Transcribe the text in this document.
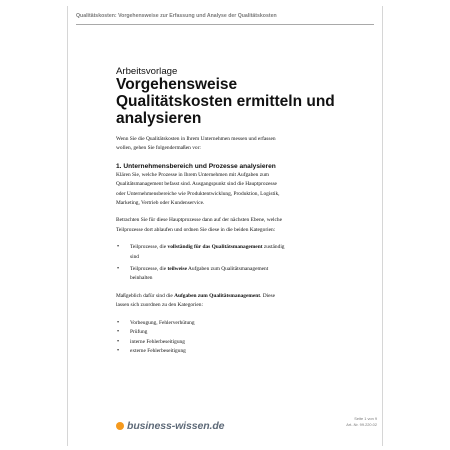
Qualitätskosten: Vorgehensweise zur Erfassung und Analyse der Qualitätskosten
Arbeitsvorlage
Vorgehensweise
Qualitätskosten ermitteln und
analysieren

Wenn Sie die Qualitätskosten in Ihrem Unternehmen messen und erfassen

wollen, gehen Sie folgendermaßen vor:

1. Unternehmensbereich und Prozesse analysieren

Klären Sie, welche Prozesse in Ihrem Unternehmen mit Aufgaben zum

Qualitätsmanagement befasst sind. Ausgangspunkt sind die Hauptprozesse

oder Unternehmensbereiche wie Produktentwicklung, Produktion, Logistik,

Marketing, Vertrieb oder Kundenservice.

Betrachten Sie für diese Hauptprozesse dann auf der nächsten Ebene, welche

Teilprozesse dort ablaufen und ordnen Sie diese in die beiden Kategorien:

• Teilprozesse, die vollständig für das Qualitätsmanagement zuständig

sind

• Teilprozesse, die teilweise Aufgaben zum Qualitätsmanagement

beinhalten

Maßgeblich dafür sind die Aufgaben zum Qualitätsmanagement. Diese

lassen sich zuordnen zu den Kategorien:

• Vorbeugung, Fehlerverhütung

• Prüfung

• interne Fehlerbeseitigung

• externe Fehlerbeseitigung

business-wissen.de
Seite 1 von 9
Art.-Nr. 99.220.02
